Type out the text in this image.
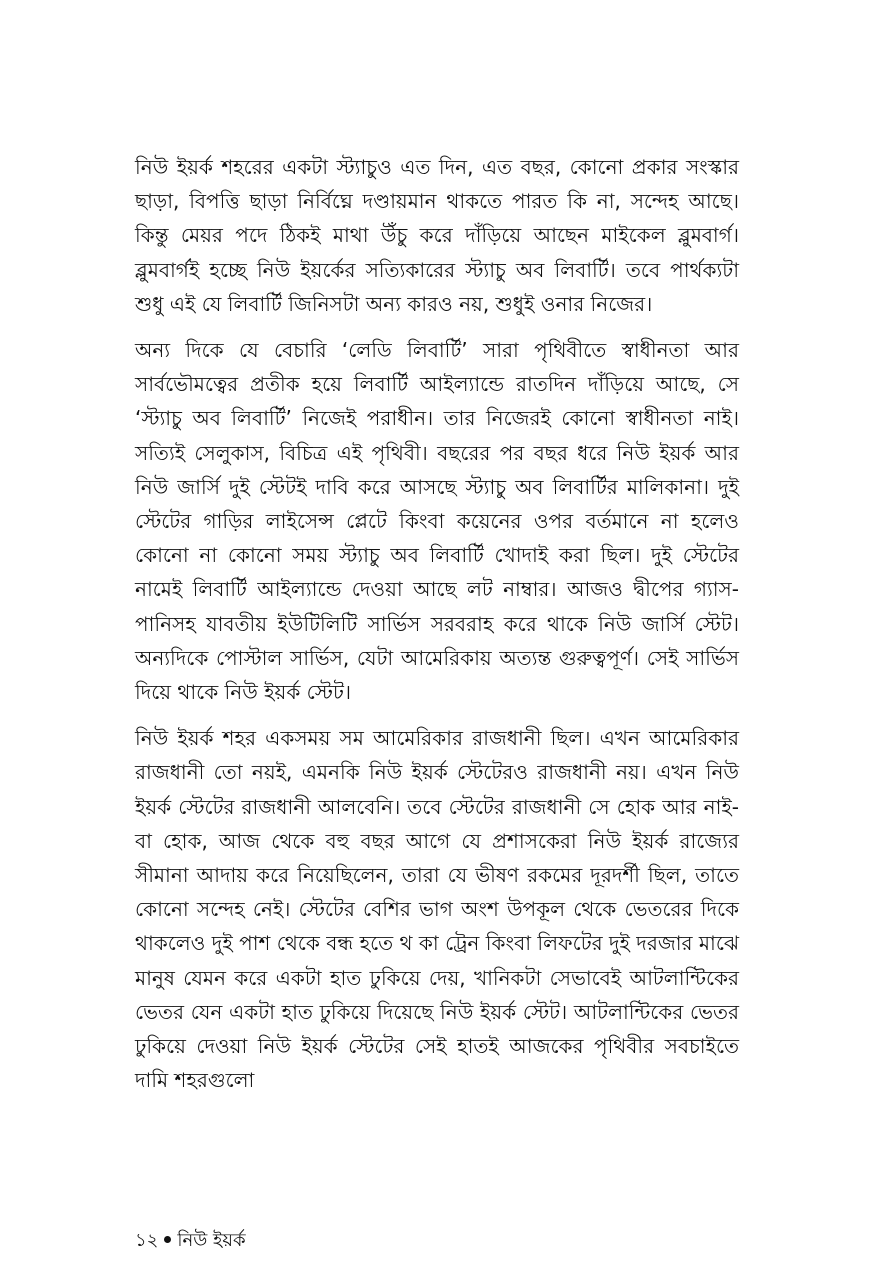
নিউ ইয়র্ক শহরের একটা স্ট্যাচুও এত দিন, এত বছর, কোনো প্রকার সংস্কার ছাড়া, বিপত্তি ছাড়া নির্বিঘ্নে দণ্ডায়মান থাকতে পারত কি না, সন্দেহ আছে। কিন্তু মেয়র পদে ঠিকই মাথা উঁচু করে দাঁড়িয়ে আছেন মাইকেল ব্লুমবার্গ। ব্লুমবার্গই হচ্ছে নিউ ইয়র্কের সত্যিকারের স্ট্যাচু অব লিবার্টি। তবে পার্থক্যটা শুধু এই যে লিবার্টি জিনিসটা অন্য কারও নয়, শুধুই ওনার নিজের।

অন্য দিকে যে বেচারি ‘লেডি লিবার্টি’ সারা পৃথিবীতে স্বাধীনতা আর সার্বভৌমত্বের প্রতীক হয়ে লিবার্টি আইল্যান্ডে রাতদিন দাঁড়িয়ে আছে, সে ‘স্ট্যাচু অব লিবার্টি’ নিজেই পরাধীন। তার নিজেরই কোনো স্বাধীনতা নাই। সত্যিই সেলুকাস, বিচিত্র এই পৃথিবী। বছরের পর বছর ধরে নিউ ইয়র্ক আর নিউ জার্সি দুই স্টেটই দাবি করে আসছে স্ট্যাচু অব লিবার্টির মালিকানা। দুই স্টেটের গাড়ির লাইসেন্স প্লেটে কিংবা কয়েনের ওপর বর্তমানে না হলেও কোনো না কোনো সময় স্ট্যাচু অব লিবার্টি খোদাই করা ছিল। দুই স্টেটের নামেই লিবার্টি আইল্যান্ডে দেওয়া আছে লট নাম্বার। আজও দ্বীপের গ্যাস-পানিসহ যাবতীয় ইউটিলিটি সার্ভিস সরবরাহ করে থাকে নিউ জার্সি স্টেট। অন্যদিকে পোস্টাল সার্ভিস, যেটা আমেরিকায় অত্যন্ত গুরুত্বপূর্ণ। সেই সার্ভিস দিয়ে থাকে নিউ ইয়র্ক স্টেট।

নিউ ইয়র্ক শহর একসময় সম আমেরিকার রাজধানী ছিল। এখন আমেরিকার রাজধানী তো নয়ই, এমনকি নিউ ইয়র্ক স্টেটেরও রাজধানী নয়। এখন নিউ ইয়র্ক স্টেটের রাজধানী আলবেনি। তবে স্টেটের রাজধানী সে হোক আর নাই-বা হোক, আজ থেকে বহু বছর আগে যে প্রশাসকেরা নিউ ইয়র্ক রাজ্যের সীমানা আদায় করে নিয়েছিলেন, তারা যে ভীষণ রকমের দূরদর্শী ছিল, তাতে কোনো সন্দেহ নেই। স্টেটের বেশির ভাগ অংশ উপকূল থেকে ভেতরের দিকে থাকলেও দুই পাশ থেকে বন্ধ হতে থ কা ট্রেন কিংবা লিফটের দুই দরজার মাঝে মানুষ যেমন করে একটা হাত ঢুকিয়ে দেয়, খানিকটা সেভাবেই আটলান্টিকের ভেতর যেন একটা হাত ঢুকিয়ে দিয়েছে নিউ ইয়র্ক স্টেট। আটলান্টিকের ভেতর ঢুকিয়ে দেওয়া নিউ ইয়র্ক স্টেটের সেই হাতই আজকের পৃথিবীর সবচাইতে দামি শহরগুলো

১২ নিউ ইয়র্ক
